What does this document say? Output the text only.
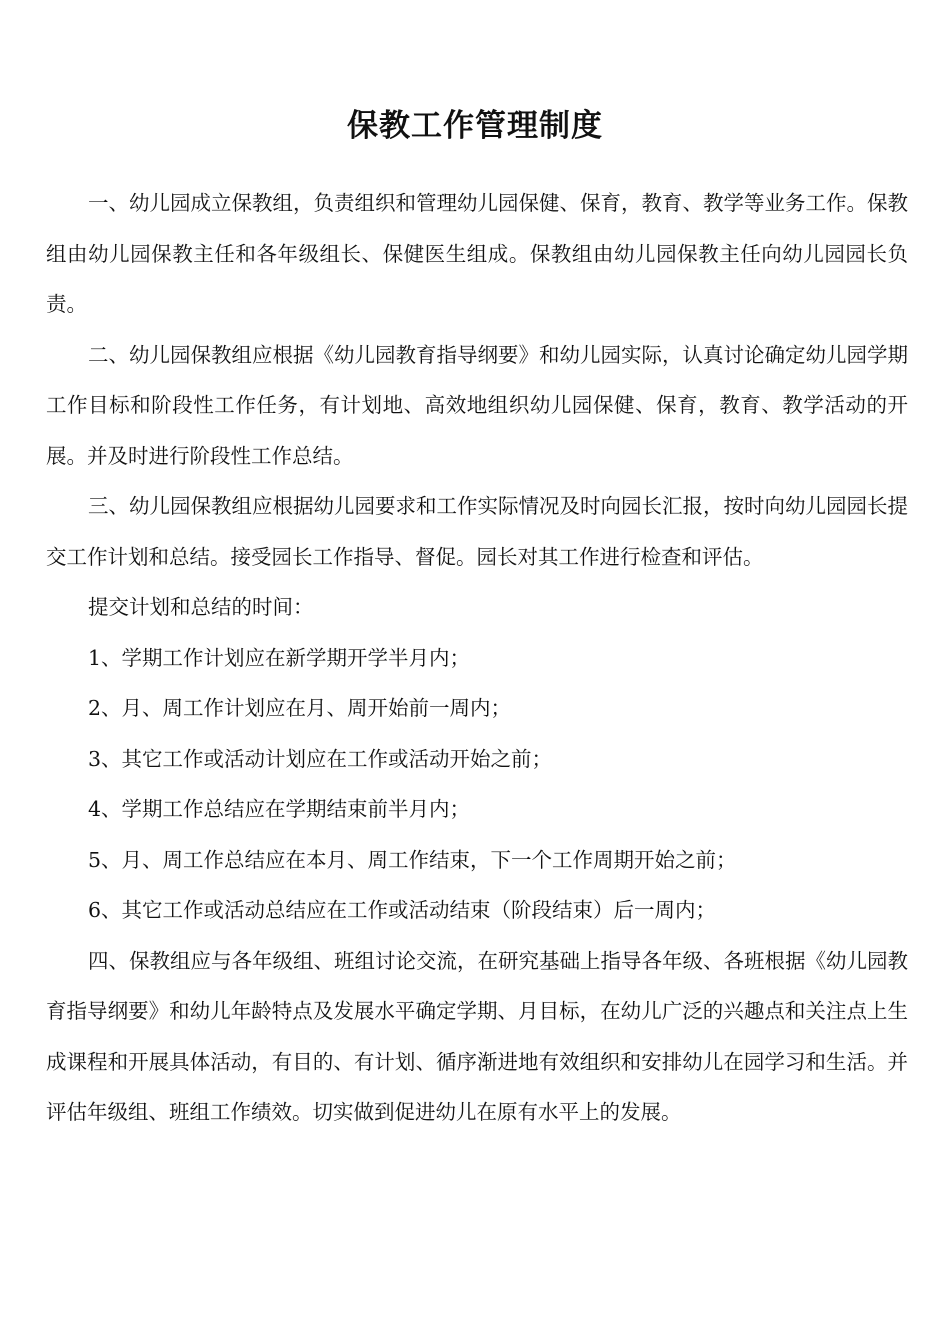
保教工作管理制度

一、幼儿园成立保教组，负责组织和管理幼儿园保健、保育，教育、教学等业务工作。保教组由幼儿园保教主任和各年级组长、保健医生组成。保教组由幼儿园保教主任向幼儿园园长负责。

二、幼儿园保教组应根据《幼儿园教育指导纲要》和幼儿园实际，认真讨论确定幼儿园学期工作目标和阶段性工作任务，有计划地、高效地组织幼儿园保健、保育，教育、教学活动的开展。并及时进行阶段性工作总结。

三、幼儿园保教组应根据幼儿园要求和工作实际情况及时向园长汇报，按时向幼儿园园长提交工作计划和总结。接受园长工作指导、督促。园长对其工作进行检查和评估。

提交计划和总结的时间：

1、学期工作计划应在新学期开学半月内；

2、月、周工作计划应在月、周开始前一周内；

3、其它工作或活动计划应在工作或活动开始之前；

4、学期工作总结应在学期结束前半月内；

5、月、周工作总结应在本月、周工作结束，下一个工作周期开始之前；

6、其它工作或活动总结应在工作或活动结束（阶段结束）后一周内；

四、保教组应与各年级组、班组讨论交流，在研究基础上指导各年级、各班根据《幼儿园教育指导纲要》和幼儿年龄特点及发展水平确定学期、月目标，在幼儿广泛的兴趣点和关注点上生成课程和开展具体活动，有目的、有计划、循序渐进地有效组织和安排幼儿在园学习和生活。并评估年级组、班组工作绩效。切实做到促进幼儿在原有水平上的发展。
